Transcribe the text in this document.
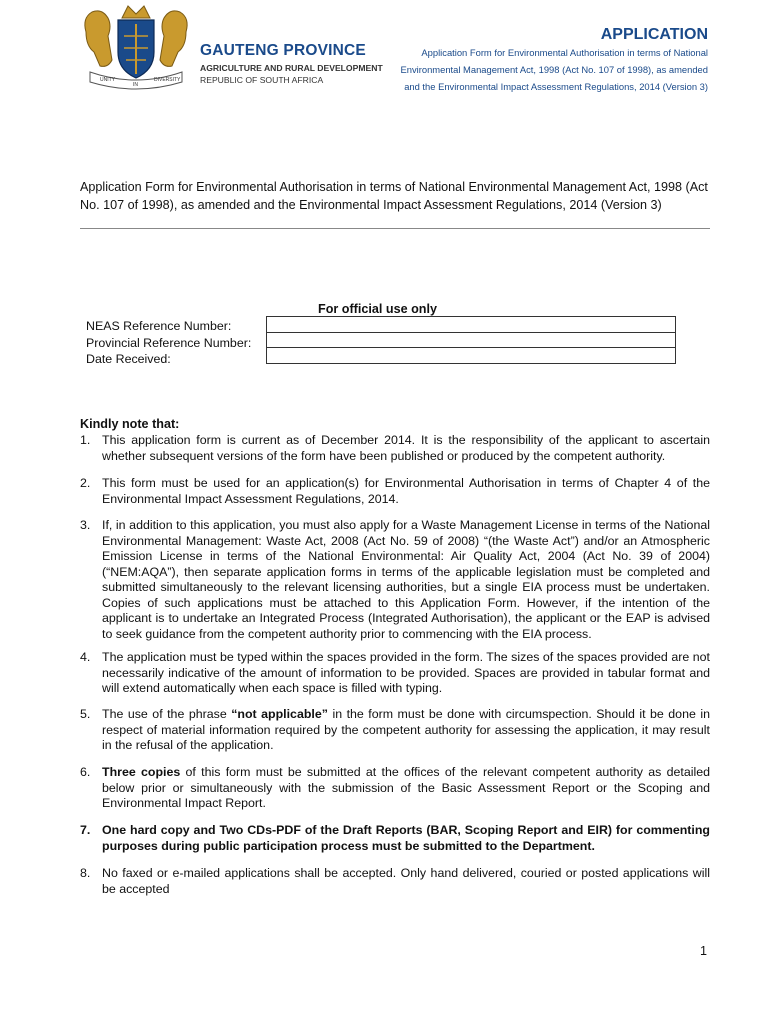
UNITY
IN
DIVERSITY
GAUTENG PROVINCE
AGRICULTURE AND RURAL DEVELOPMENT
REPUBLIC OF SOUTH AFRICA
APPLICATION
Application Form for Environmental Authorisation in terms of National
Environmental Management Act, 1998 (Act No. 107 of 1998), as amended
and the Environmental Impact Assessment Regulations, 2014 (Version 3)
Application Form for Environmental Authorisation in terms of National Environmental Management Act, 1998 (Act No. 107 of 1998), as amended and the Environmental Impact Assessment Regulations, 2014 (Version 3)
For official use only
NEAS Reference Number:
Provincial Reference Number:
Date Received:

Kindly note that:
1. This application form is current as of December 2014. It is the responsibility of the applicant to ascertain whether subsequent versions of the form have been published or produced by the competent authority.
2. This form must be used for an application(s) for Environmental Authorisation in terms of Chapter 4 of the Environmental Impact Assessment Regulations, 2014.
3. If, in addition to this application, you must also apply for a Waste Management License in terms of the National Environmental Management: Waste Act, 2008 (Act No. 59 of 2008) “(the Waste Act”) and/or an Atmospheric Emission License in terms of the National Environmental: Air Quality Act, 2004 (Act No. 39 of 2004) (“NEM:AQA”), then separate application forms in terms of the applicable legislation must be completed and submitted simultaneously to the relevant licensing authorities, but a single EIA process must be undertaken. Copies of such applications must be attached to this Application Form. However, if the intention of the applicant is to undertake an Integrated Process (Integrated Authorisation), the applicant or the EAP is advised to seek guidance from the competent authority prior to commencing with the EIA process.
4. The application must be typed within the spaces provided in the form. The sizes of the spaces provided are not necessarily indicative of the amount of information to be provided. Spaces are provided in tabular format and will extend automatically when each space is filled with typing.
5. The use of the phrase “not applicable” in the form must be done with circumspection. Should it be done in respect of material information required by the competent authority for assessing the application, it may result in the refusal of the application.
6. Three copies of this form must be submitted at the offices of the relevant competent authority as detailed below prior or simultaneously with the submission of the Basic Assessment Report or the Scoping and Environmental Impact Report.
7. One hard copy and Two CDs-PDF of the Draft Reports (BAR, Scoping Report and EIR) for commenting purposes during public participation process must be submitted to the Department.
8. No faxed or e-mailed applications shall be accepted. Only hand delivered, couried or posted applications will be accepted
1
